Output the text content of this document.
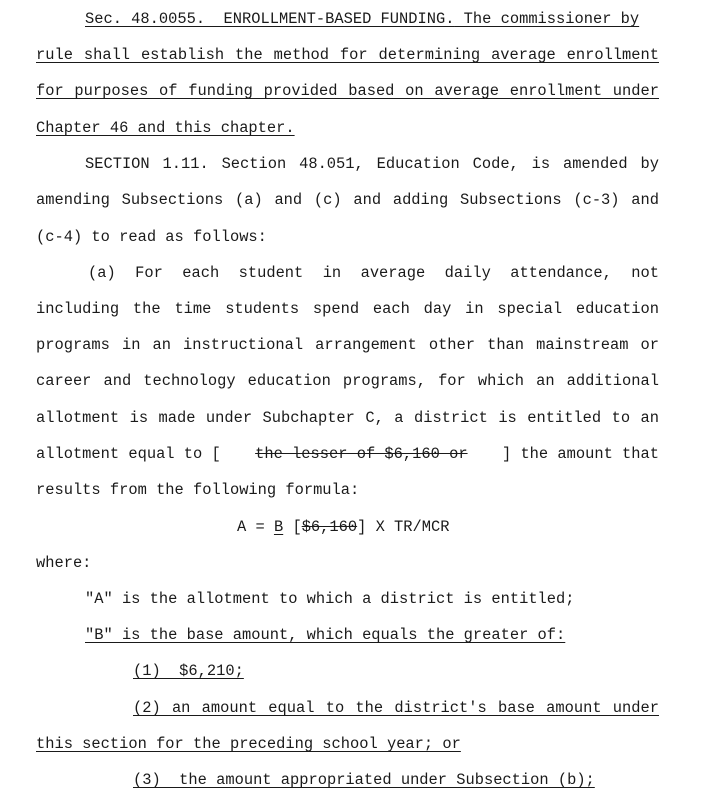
Sec. 48.0055.  ENROLLMENT-BASED FUNDING. The commissioner by
rule shall establish the method for determining average enrollment
for purposes of funding provided based on average enrollment under
Chapter 46 and this chapter.
SECTION 1.11. Section 48.051, Education Code, is amended by
amending Subsections (a) and (c) and adding Subsections (c-3) and
(c-4) to read as follows:
(a) For each student in average daily attendance, not
including the time students spend each day in special education
programs in an instructional arrangement other than mainstream or
career and technology education programs, for which an additional
allotment is made under Subchapter C, a district is entitled to an
allotment equal to [ the lesser of $6,160 or ] the amount that
results from the following formula:
A = B [$6,160] X TR/MCR
where:
"A" is the allotment to which a district is entitled;
"B" is the base amount, which equals the greater of:
(1)  $6,210;
(2) an amount equal to the district's base amount under
this section for the preceding school year; or
(3)  the amount appropriated under Subsection (b);
